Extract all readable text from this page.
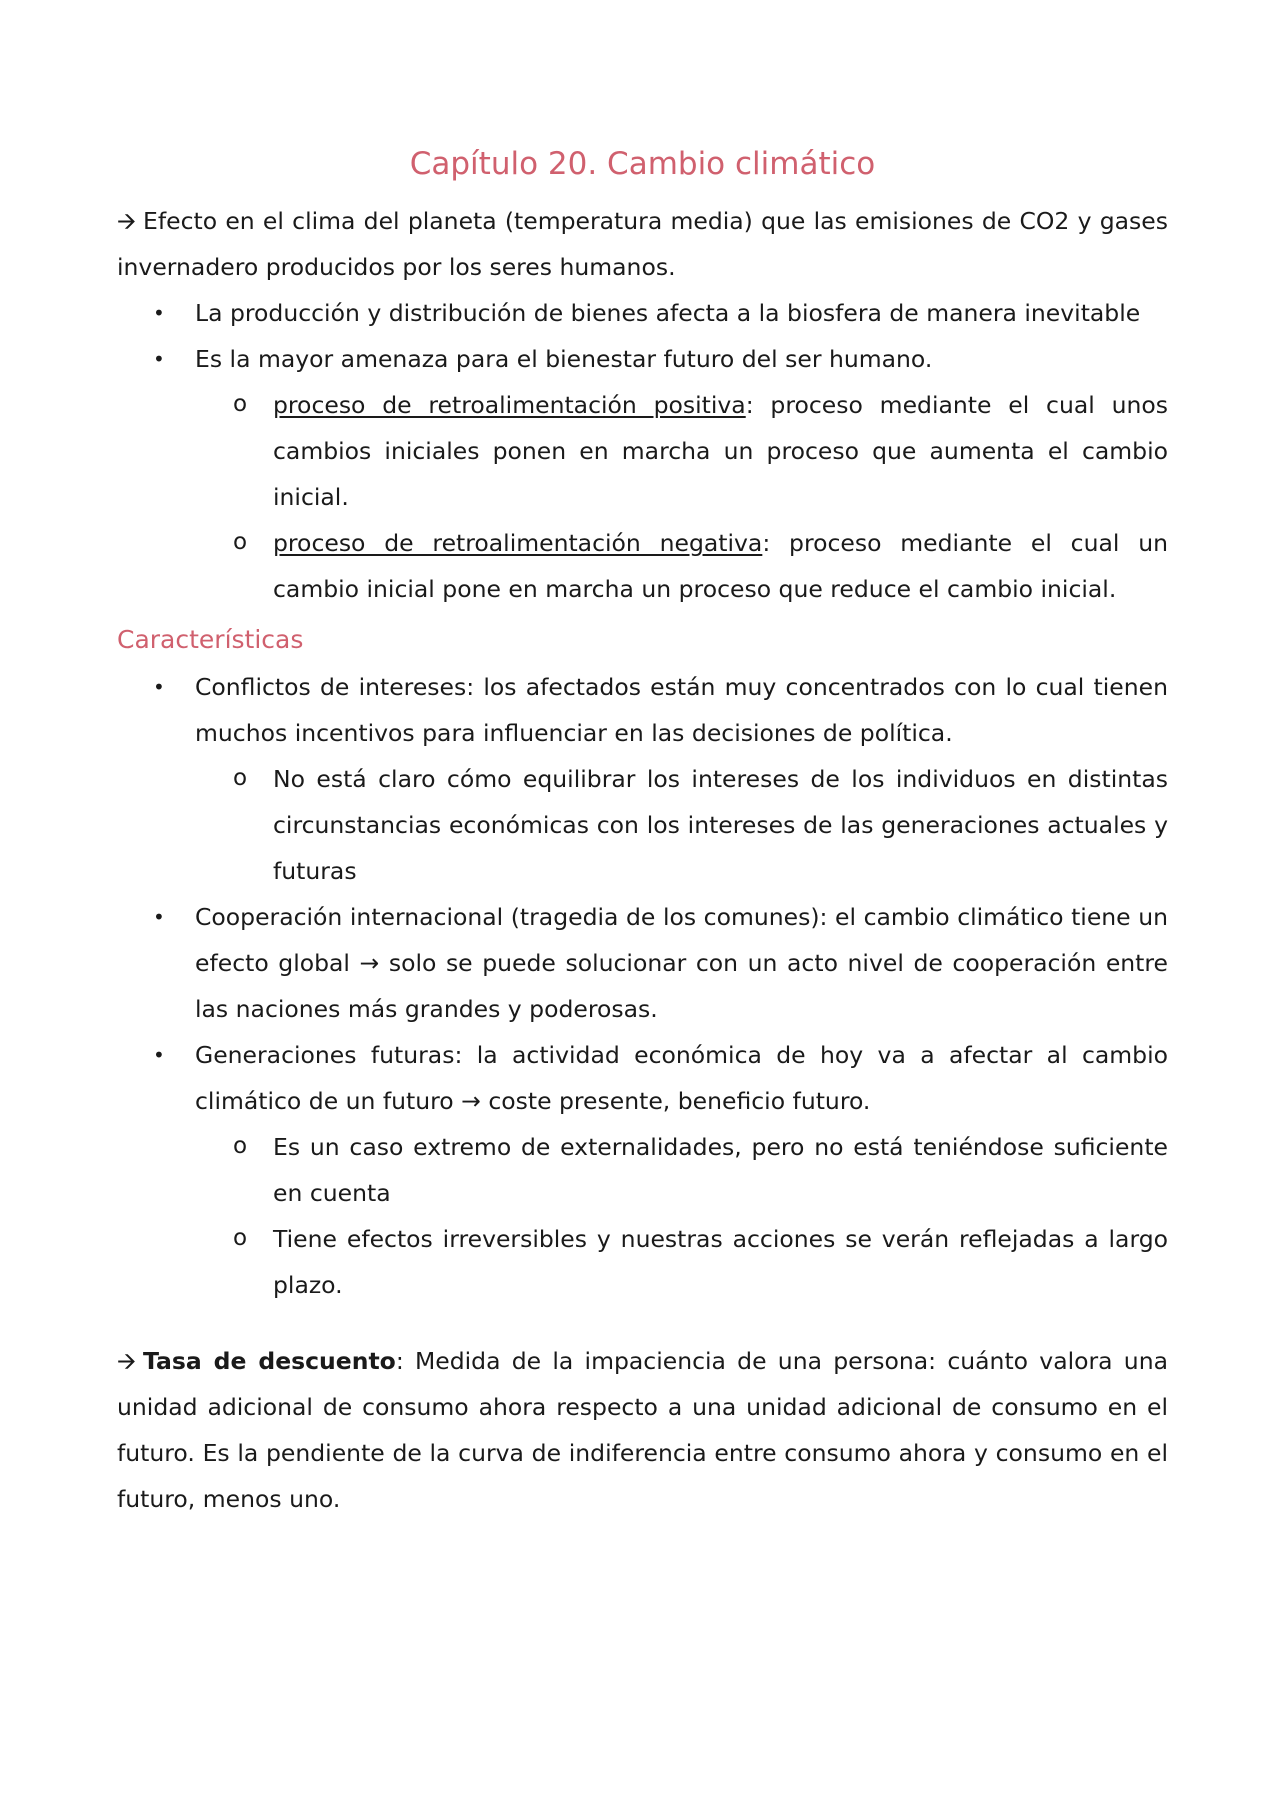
Capítulo 20. Cambio climático

🡪 Efecto en el clima del planeta (temperatura media) que las emisiones de CO2 y gases invernadero producidos por los seres humanos.

• La producción y distribución de bienes afecta a la biosfera de manera inevitable
• Es la mayor amenaza para el bienestar futuro del ser humano.
o proceso de retroalimentación positiva: proceso mediante el cual unos cambios iniciales ponen en marcha un proceso que aumenta el cambio inicial.
o proceso de retroalimentación negativa: proceso mediante el cual un cambio inicial pone en marcha un proceso que reduce el cambio inicial.
Características
• Conflictos de intereses: los afectados están muy concentrados con lo cual tienen muchos incentivos para influenciar en las decisiones de política.
o No está claro cómo equilibrar los intereses de los individuos en distintas circunstancias económicas con los intereses de las generaciones actuales y futuras
• Cooperación internacional (tragedia de los comunes): el cambio climático tiene un efecto global → solo se puede solucionar con un acto nivel de cooperación entre las naciones más grandes y poderosas.
• Generaciones futuras: la actividad económica de hoy va a afectar al cambio climático de un futuro → coste presente, beneficio futuro.
o Es un caso extremo de externalidades, pero no está teniéndose suficiente en cuenta
o Tiene efectos irreversibles y nuestras acciones se verán reflejadas a largo plazo.

🡪 Tasa de descuento: Medida de la impaciencia de una persona: cuánto valora una unidad adicional de consumo ahora respecto a una unidad adicional de consumo en el futuro. Es la pendiente de la curva de indiferencia entre consumo ahora y consumo en el futuro, menos uno.
